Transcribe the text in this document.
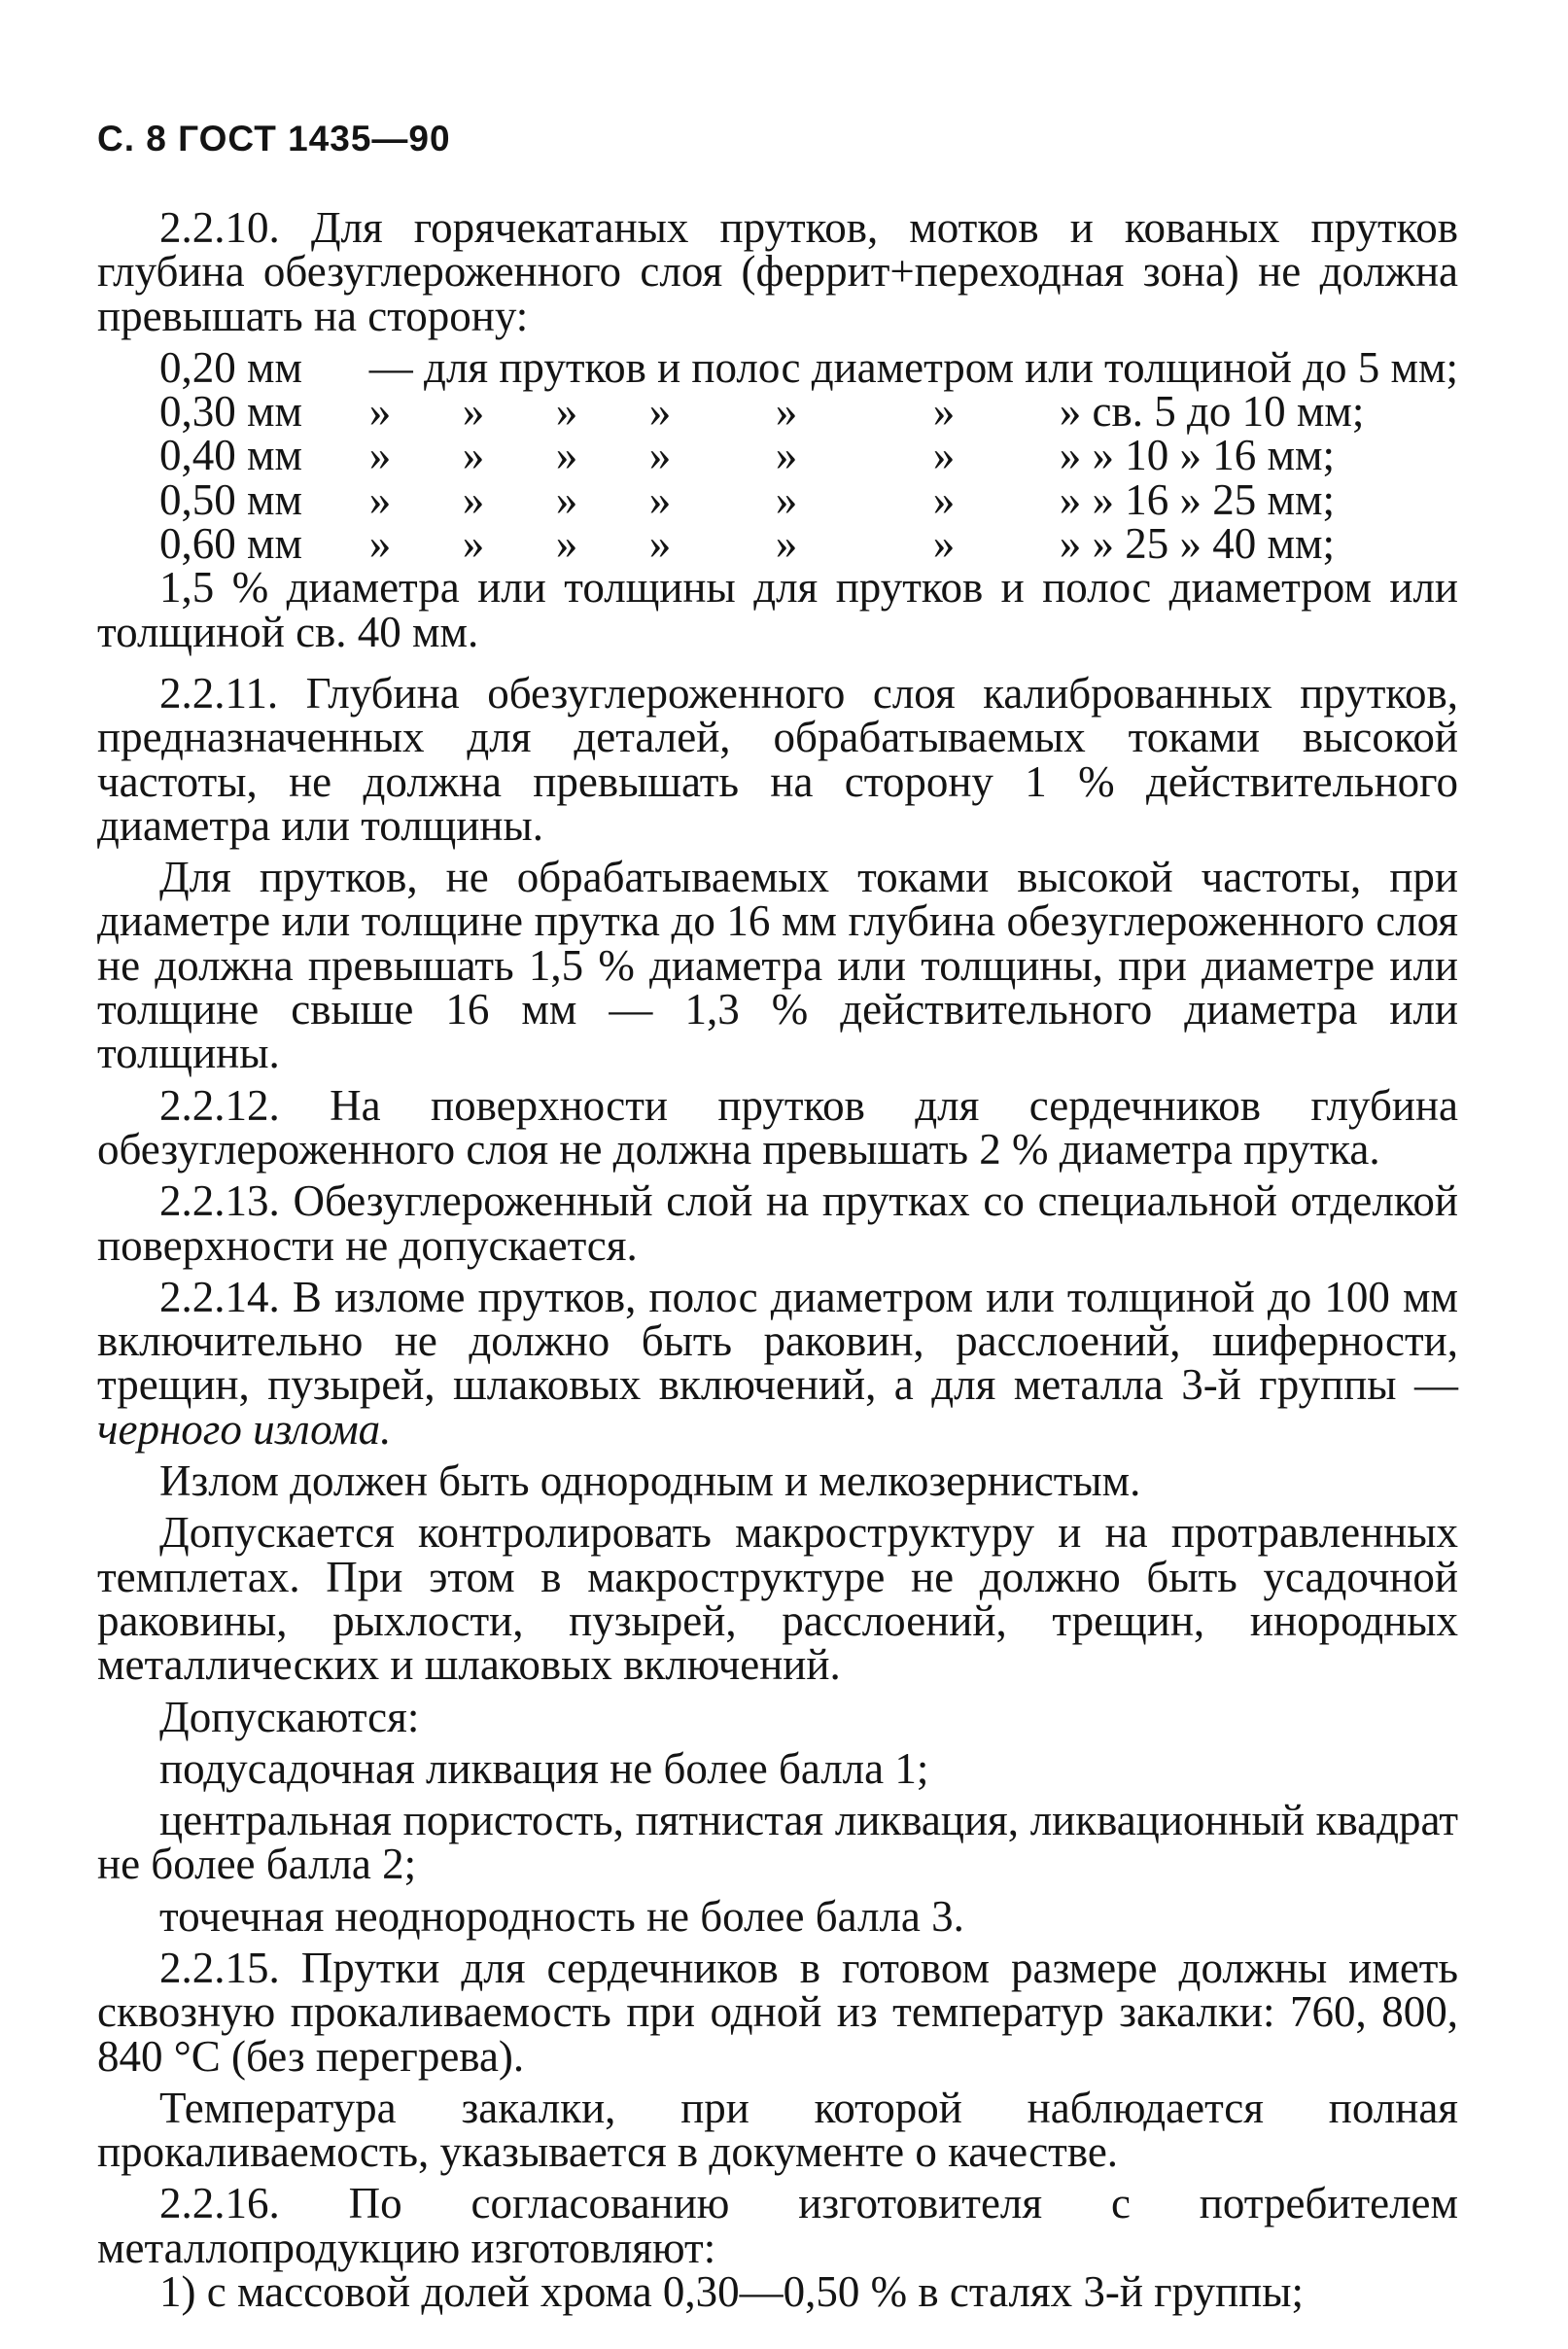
С. 8 ГОСТ 1435—90

2.2.10. Для горячекатаных прутков, мотков и кованых прутков глубина обезуглероженного слоя (феррит+переходная зона) не должна превышать на сторону:

0,20 мм	— для прутков и полос диаметром или толщиной до 5 мм;
0,30 мм	» » » » » » » св. 5 до 10 мм;
0,40 мм	» » » » » » » » 10 » 16 мм;
0,50 мм	» » » » » » » » 16 » 25 мм;
0,60 мм	» » » » » » » » 25 » 40 мм;

1,5 % диаметра или толщины для прутков и полос диаметром или толщиной св. 40 мм.

2.2.11. Глубина обезуглероженного слоя калиброванных прутков, предназначенных для деталей, обрабатываемых токами высокой частоты, не должна превышать на сторону 1 % действительного диаметра или толщины.

Для прутков, не обрабатываемых токами высокой частоты, при диаметре или толщине прутка до 16 мм глубина обезуглероженного слоя не должна превышать 1,5 % диаметра или толщины, при диаметре или толщине свыше 16 мм — 1,3 % действительного диаметра или толщины.

2.2.12. На поверхности прутков для сердечников глубина обезуглероженного слоя не должна превышать 2 % диаметра прутка.

2.2.13. Обезуглероженный слой на прутках со специальной отделкой поверхности не допускается.

2.2.14. В изломе прутков, полос диаметром или толщиной до 100 мм включительно не должно быть раковин, расслоений, шиферности, трещин, пузырей, шлаковых включений, а для металла 3-й группы — черного излома.

Излом должен быть однородным и мелкозернистым.

Допускается контролировать макроструктуру и на протравленных темплетах. При этом в макроструктуре не должно быть усадочной раковины, рыхлости, пузырей, расслоений, трещин, инородных металлических и шлаковых включений.

Допускаются:

подусадочная ликвация не более балла 1;

центральная пористость, пятнистая ликвация, ликвационный квадрат не более балла 2;

точечная неоднородность не более балла 3.

2.2.15. Прутки для сердечников в готовом размере должны иметь сквозную прокаливаемость при одной из температур закалки: 760, 800, 840 °С (без перегрева).

Температура закалки, при которой наблюдается полная прокаливаемость, указывается в документе о качестве.

2.2.16. По согласованию изготовителя с потребителем металлопродукцию изготовляют:

1) с массовой долей хрома 0,30—0,50 % в сталях 3-й группы;
